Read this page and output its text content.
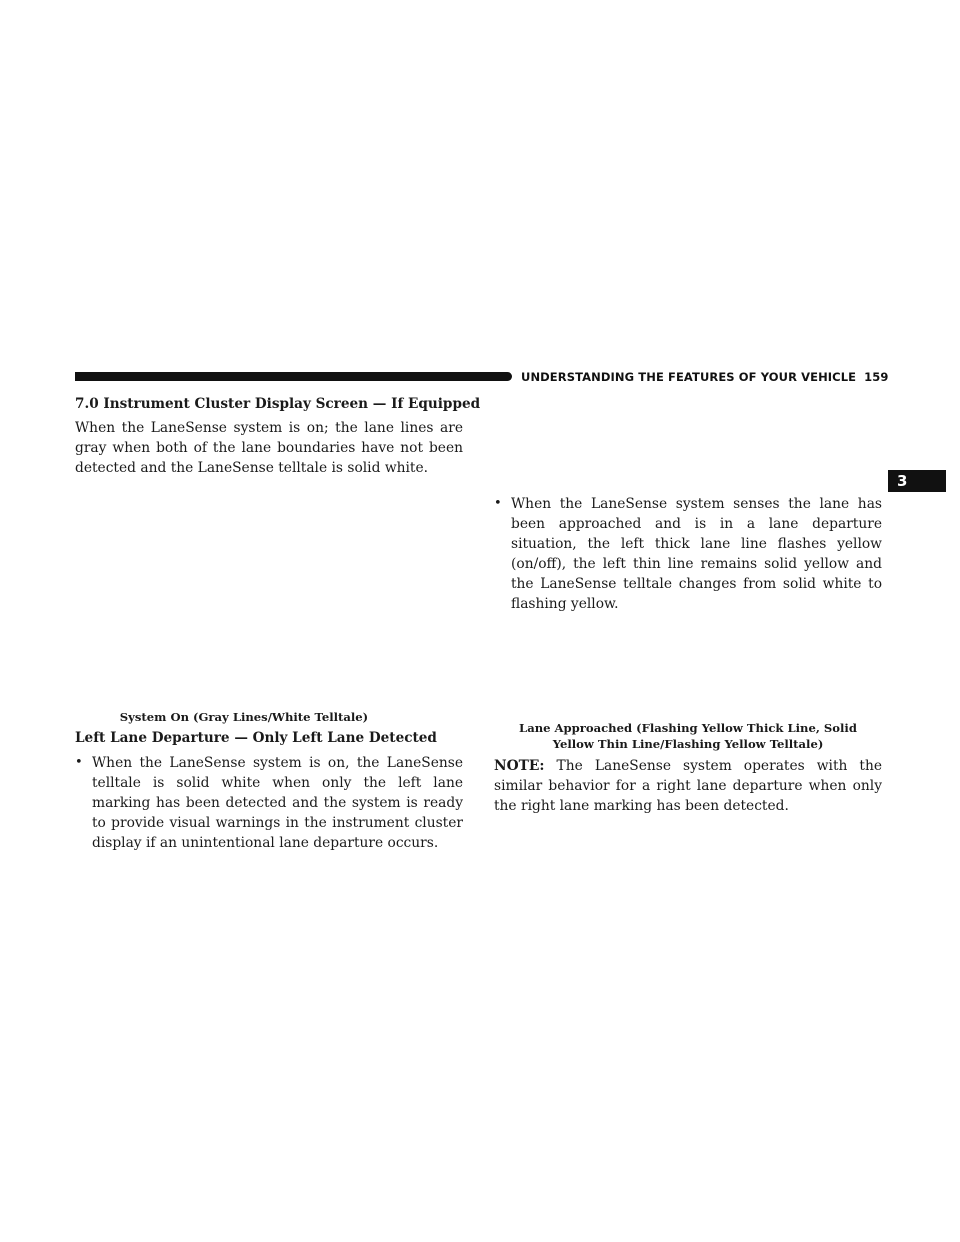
UNDERSTANDING THE FEATURES OF YOUR VEHICLE 159
3

7.0 Instrument Cluster Display Screen — If Equipped

When the LaneSense system is on; the lane lines are gray when both of the lane boundaries have not been detected and the LaneSense telltale is solid white.

System On (Gray Lines/White Telltale)

Left Lane Departure — Only Left Lane Detected

• When the LaneSense system is on, the LaneSense telltale is solid white when only the left lane marking has been detected and the system is ready to provide visual warnings in the instrument cluster display if an unintentional lane departure occurs.

• When the LaneSense system senses the lane has been approached and is in a lane departure situation, the left thick lane line flashes yellow (on/off), the left thin line remains solid yellow and the LaneSense telltale changes from solid white to flashing yellow.

Lane Approached (Flashing Yellow Thick Line, Solid

Yellow Thin Line/Flashing Yellow Telltale)

NOTE: The LaneSense system operates with the similar behavior for a right lane departure when only the right lane marking has been detected.
